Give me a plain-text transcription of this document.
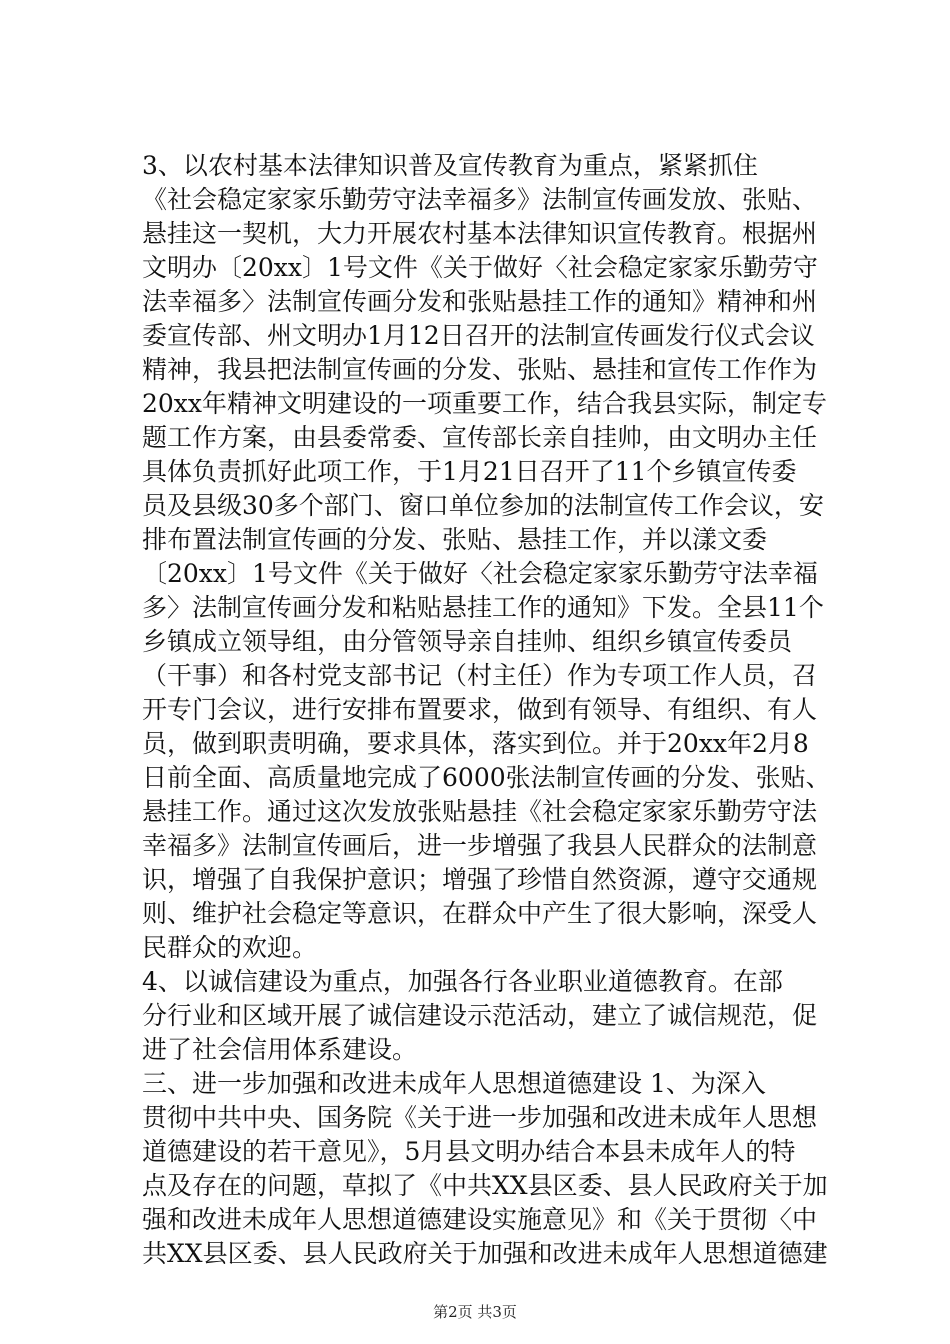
3、以农村基本法律知识普及宣传教育为重点，紧紧抓住
《社会稳定家家乐勤劳守法幸福多》法制宣传画发放、张贴、
悬挂这一契机，大力开展农村基本法律知识宣传教育。根据州
文明办〔20xx〕1号文件《关于做好〈社会稳定家家乐勤劳守
法幸福多〉法制宣传画分发和张贴悬挂工作的通知》精神和州
委宣传部、州文明办1月12日召开的法制宣传画发行仪式会议
精神，我县把法制宣传画的分发、张贴、悬挂和宣传工作作为
20xx年精神文明建设的一项重要工作，结合我县实际，制定专
题工作方案，由县委常委、宣传部长亲自挂帅，由文明办主任
具体负责抓好此项工作，于1月21日召开了11个乡镇宣传委
员及县级30多个部门、窗口单位参加的法制宣传工作会议，安
排布置法制宣传画的分发、张贴、悬挂工作，并以漾文委
〔20xx〕1号文件《关于做好〈社会稳定家家乐勤劳守法幸福
多〉法制宣传画分发和粘贴悬挂工作的通知》下发。全县11个
乡镇成立领导组，由分管领导亲自挂帅、组织乡镇宣传委员
（干事）和各村党支部书记（村主任）作为专项工作人员，召
开专门会议，进行安排布置要求，做到有领导、有组织、有人
员，做到职责明确，要求具体，落实到位。并于20xx年2月8
日前全面、高质量地完成了6000张法制宣传画的分发、张贴、
悬挂工作。通过这次发放张贴悬挂《社会稳定家家乐勤劳守法
幸福多》法制宣传画后，进一步增强了我县人民群众的法制意
识，增强了自我保护意识；增强了珍惜自然资源，遵守交通规
则、维护社会稳定等意识，在群众中产生了很大影响，深受人
民群众的欢迎。
4、以诚信建设为重点，加强各行各业职业道德教育。在部
分行业和区域开展了诚信建设示范活动，建立了诚信规范，促
进了社会信用体系建设。
三、进一步加强和改进未成年人思想道德建设 1、为深入
贯彻中共中央、国务院《关于进一步加强和改进未成年人思想
道德建设的若干意见》，5月县文明办结合本县未成年人的特
点及存在的问题，草拟了《中共XX县区委、县人民政府关于加
强和改进未成年人思想道德建设实施意见》和《关于贯彻〈中
共XX县区委、县人民政府关于加强和改进未成年人思想道德建
第2页 共3页
